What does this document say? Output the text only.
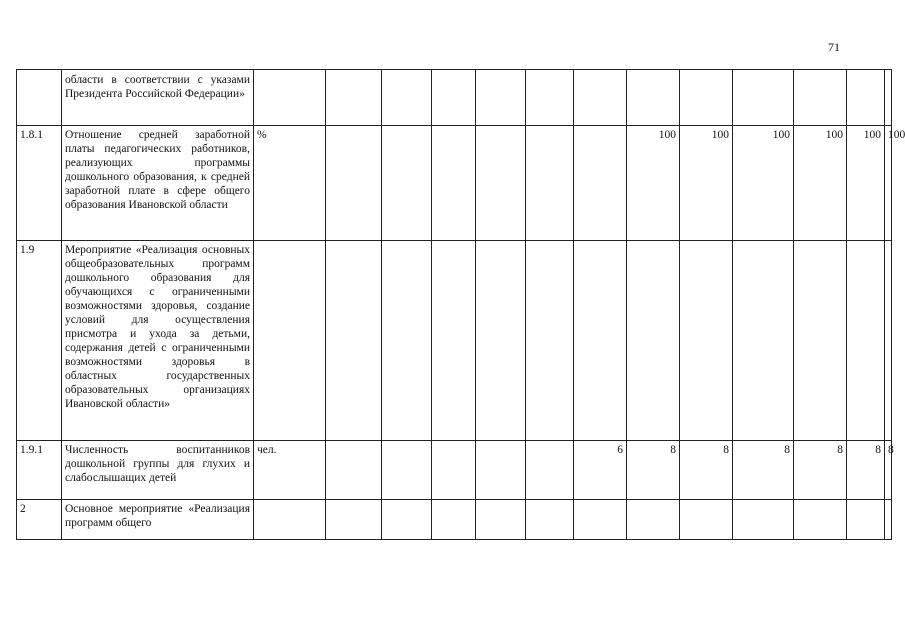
71
	области в соответствии с указами Президента Российской Федерации»													
1.8.1	Отношение средней заработной платы педагогических работников, реализующих программы дошкольного образования, к средней заработной плате в сфере общего образования Ивановской области	%							100	100	100	100	100	100
1.9	Мероприятие «Реализация основных общеобразовательных программ дошкольного образования для обучающихся с ограниченными возможностями здоровья, создание условий для осуществления присмотра и ухода за детьми, содержания детей с ограниченными возможностями здоровья в областных государственных образовательных организациях Ивановской области»													
1.9.1	Численность воспитанников дошкольной группы для глухих и слабослышащих детей	чел.						6	8	8	8	8	8	8
2	Основное мероприятие «Реализация программ общего													
